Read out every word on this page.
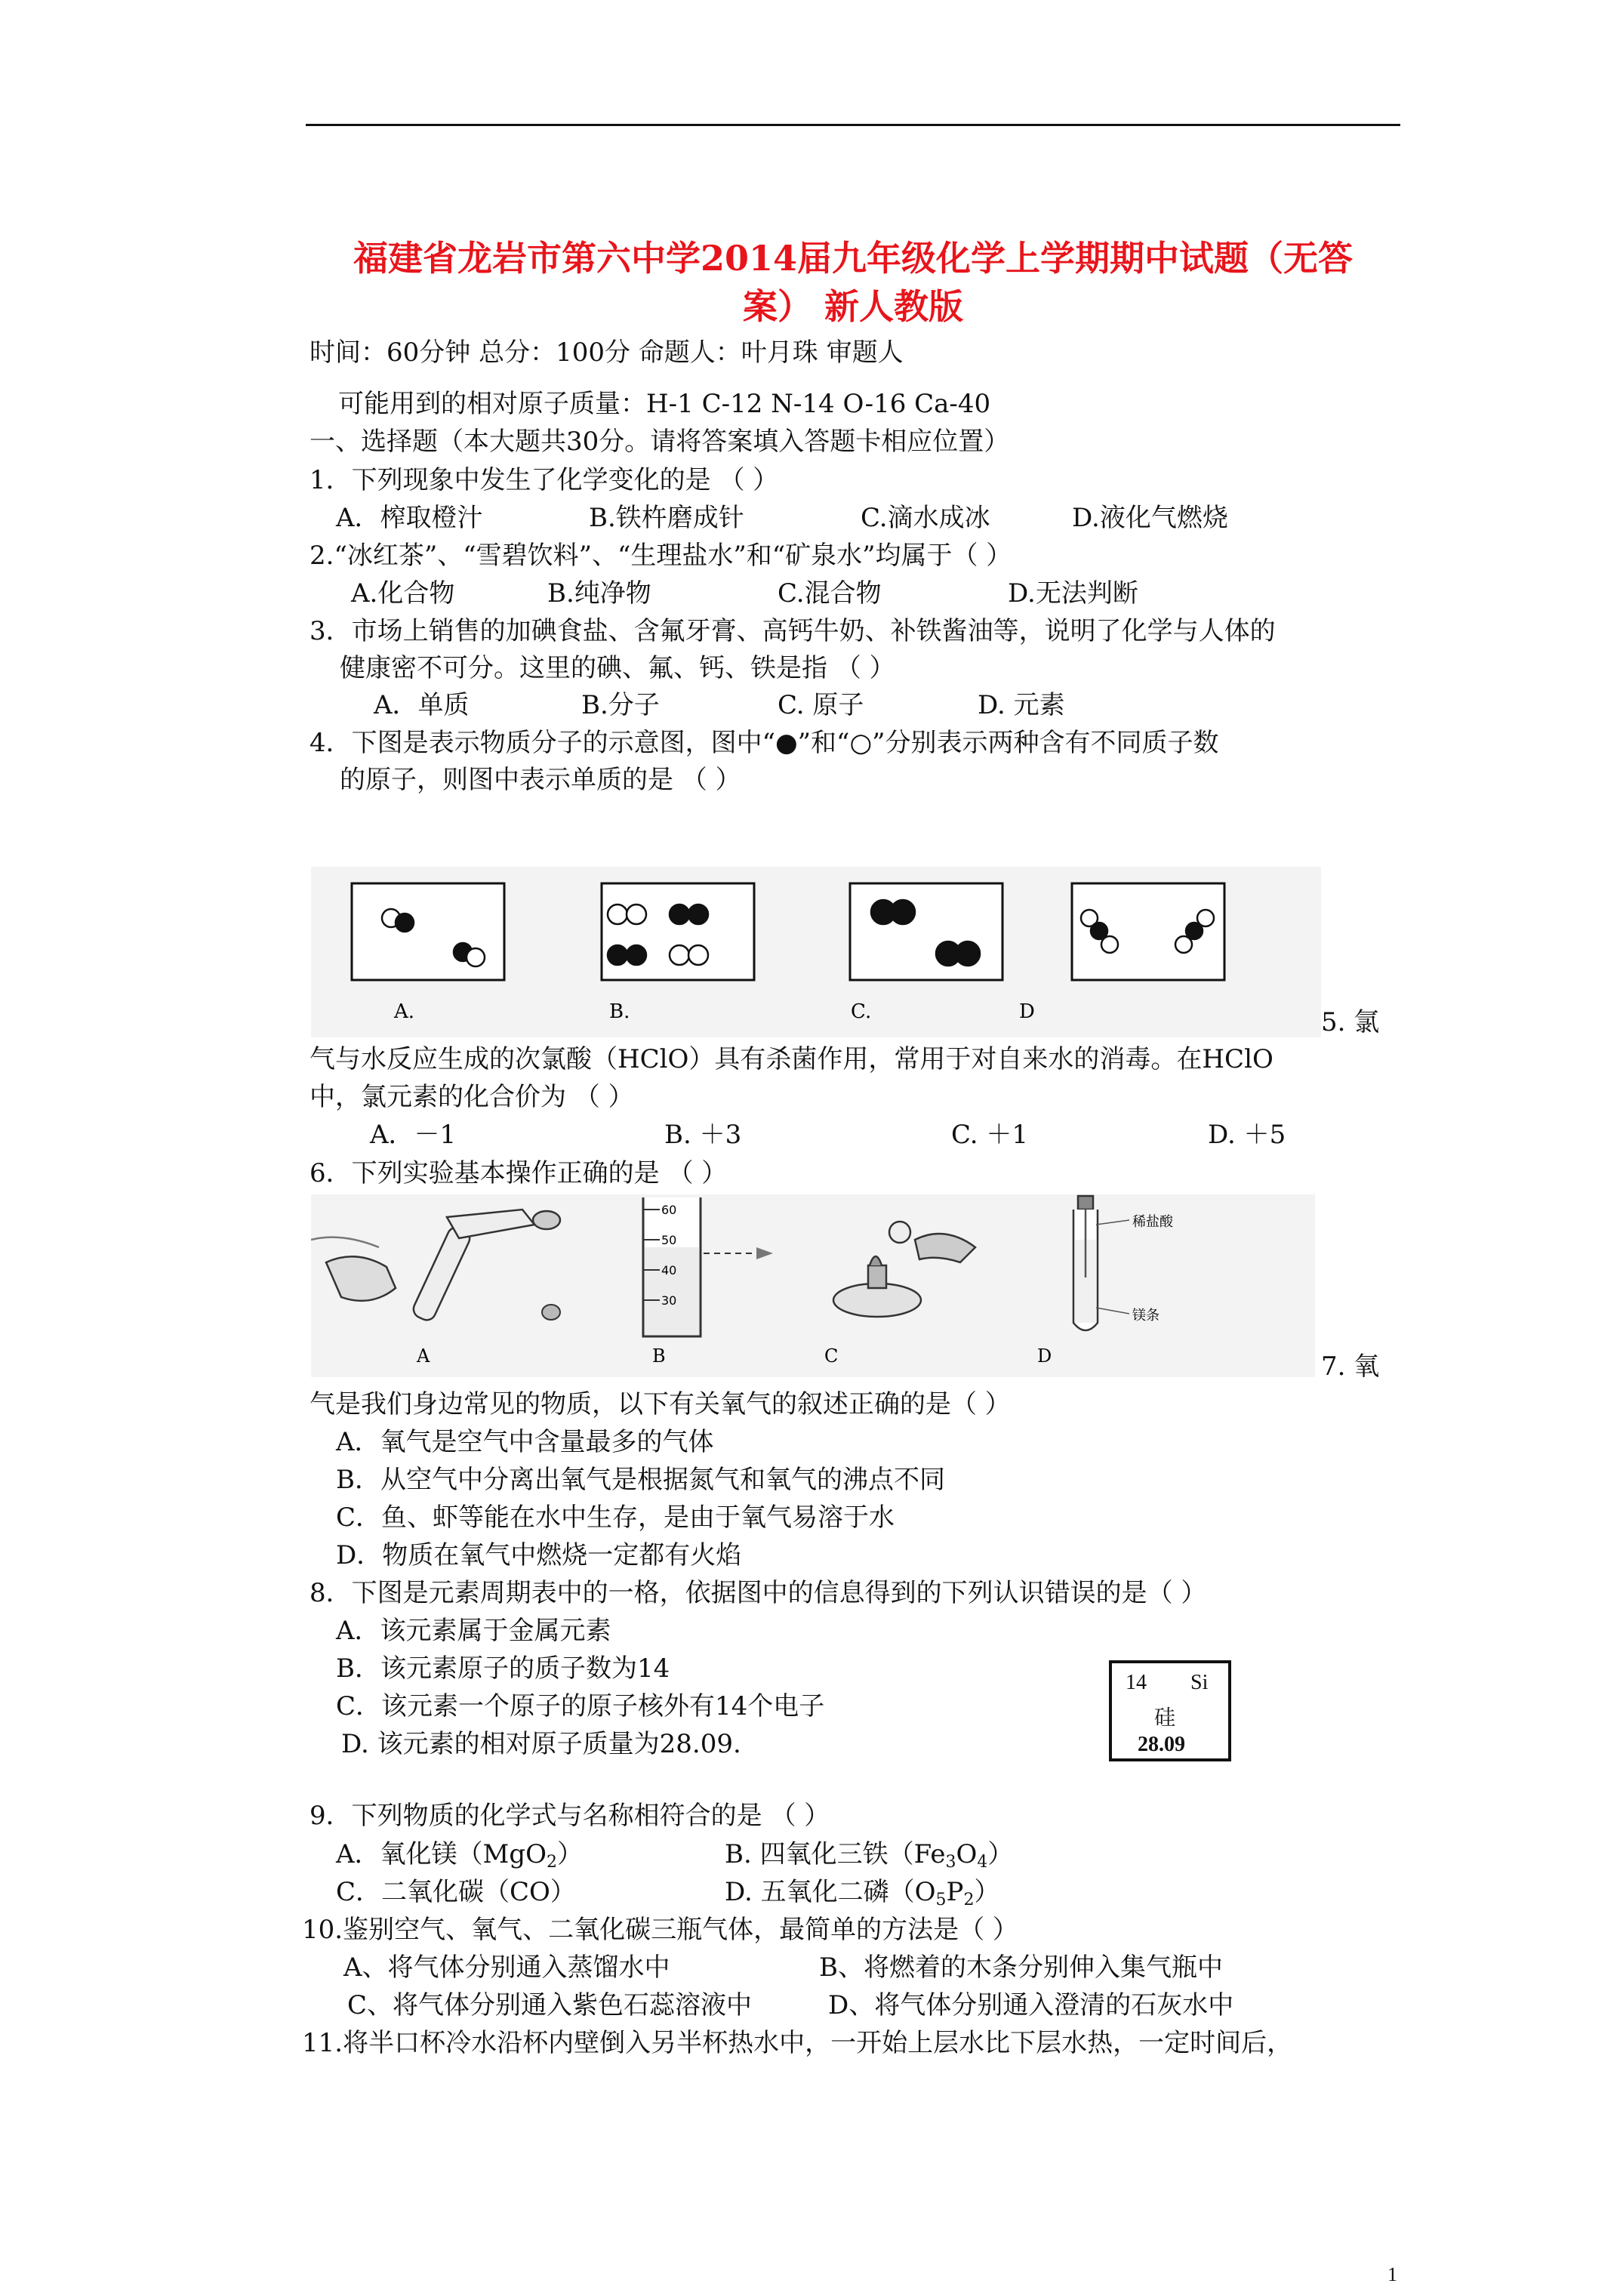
福建省龙岩市第六中学2014届九年级化学上学期期中试题（无答
案） 新人教版
时间：60分钟 总分：100分 命题人：叶月珠 审题人
可能用到的相对原子质量：H-1 C-12 N-14 O-16 Ca-40
一、选择题（本大题共30分。请将答案填入答题卡相应位置）
1．下列现象中发生了化学变化的是 （ ）
A．榨取橙汁	B.铁杵磨成针	C.滴水成冰	D.液化气燃烧
2.“冰红茶”、“雪碧饮料”、“生理盐水”和“矿泉水”均属于（ ）
A.化合物	B.纯净物	C.混合物	D.无法判断
3．市场上销售的加碘食盐、含氟牙膏、高钙牛奶、补铁酱油等，说明了化学与人体的
健康密不可分。这里的碘、氟、钙、铁是指 （ ）
A．单质	B.分子	C. 原子	D. 元素
4．下图是表示物质分子的示意图，图中“●”和“○”分别表示两种含有不同质子数
的原子，则图中表示单质的是 （ ）
A.	B.	C.	D	5. 氯
气与水反应生成的次氯酸（HClO）具有杀菌作用，常用于对自来水的消毒。在HClO
中，氯元素的化合价为 （ ）
A．－1	B. ＋3	C. ＋1	D. ＋5
6．下列实验基本操作正确的是 （ ）
60
50
40
30
稀盐酸
镁条
A	B	C	D	7. 氧
气是我们身边常见的物质，以下有关氧气的叙述正确的是（ ）
A．氧气是空气中含量最多的气体
B．从空气中分离出氧气是根据氮气和氧气的沸点不同
C．鱼、虾等能在水中生存，是由于氧气易溶于水
D．物质在氧气中燃烧一定都有火焰
8．下图是元素周期表中的一格，依据图中的信息得到的下列认识错误的是（ ）
A．该元素属于金属元素
B．该元素原子的质子数为14
C．该元素一个原子的原子核外有14个电子
D. 该元素的相对原子质量为28.09.
14 Si
硅
28.09
9．下列物质的化学式与名称相符合的是 （ ）
A．氧化镁（MgO$_2$）	B. 四氧化三铁$(Fe_3O_4)$
C．二氧化碳（CO）	D. 五氧化二磷$(O_5P_2)$
10.鉴别空气、氧气、二氧化碳三瓶气体，最简单的方法是（ ）
A、将气体分别通入蒸馏水中	B、将燃着的木条分别伸入集气瓶中
C、将气体分别通入紫色石蕊溶液中	D、将气体分别通入澄清的石灰水中
11.将半口杯冷水沿杯内壁倒入另半杯热水中，一开始上层水比下层水热，一定时间后，
1
